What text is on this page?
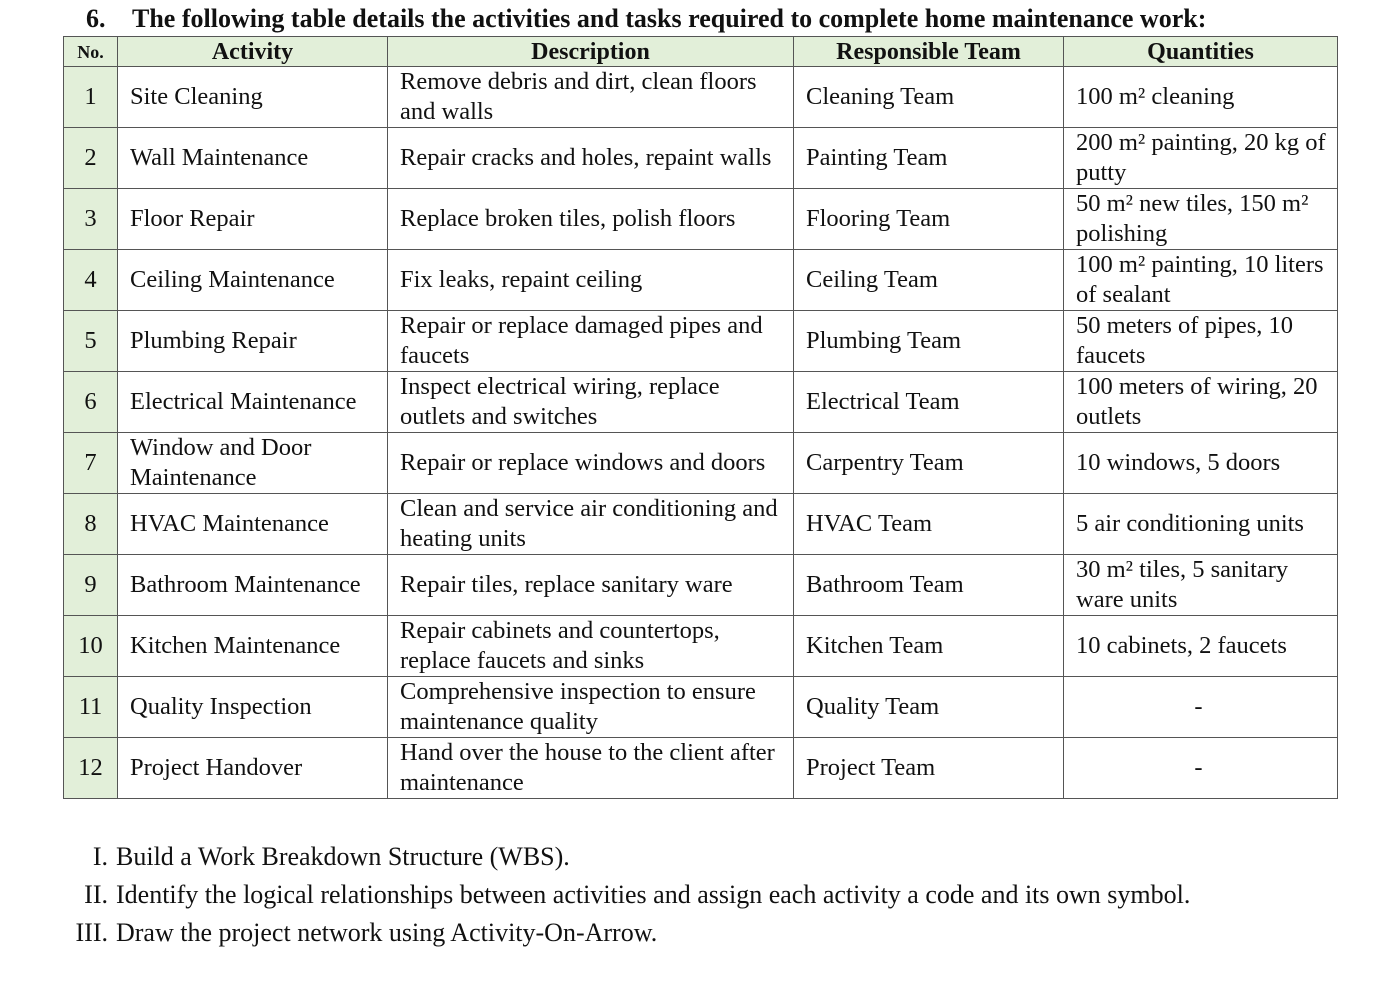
6. The following table details the activities and tasks required to complete home maintenance work:
No.	Activity	Description	Responsible Team	Quantities
1	Site Cleaning	Remove debris and dirt, clean floors and walls	Cleaning Team	100 m² cleaning
2	Wall Maintenance	Repair cracks and holes, repaint walls	Painting Team	200 m² painting, 20 kg of putty
3	Floor Repair	Replace broken tiles, polish floors	Flooring Team	50 m² new tiles, 150 m² polishing
4	Ceiling Maintenance	Fix leaks, repaint ceiling	Ceiling Team	100 m² painting, 10 liters of sealant
5	Plumbing Repair	Repair or replace damaged pipes and faucets	Plumbing Team	50 meters of pipes, 10 faucets
6	Electrical Maintenance	Inspect electrical wiring, replace outlets and switches	Electrical Team	100 meters of wiring, 20 outlets
7	Window and Door Maintenance	Repair or replace windows and doors	Carpentry Team	10 windows, 5 doors
8	HVAC Maintenance	Clean and service air conditioning and heating units	HVAC Team	5 air conditioning units
9	Bathroom Maintenance	Repair tiles, replace sanitary ware	Bathroom Team	30 m² tiles, 5 sanitary ware units
10	Kitchen Maintenance	Repair cabinets and countertops, replace faucets and sinks	Kitchen Team	10 cabinets, 2 faucets
11	Quality Inspection	Comprehensive inspection to ensure maintenance quality	Quality Team	-
12	Project Handover	Hand over the house to the client after maintenance	Project Team	-
I. Build a Work Breakdown Structure (WBS).
II. Identify the logical relationships between activities and assign each activity a code and its own symbol.
III. Draw the project network using Activity-On-Arrow.
